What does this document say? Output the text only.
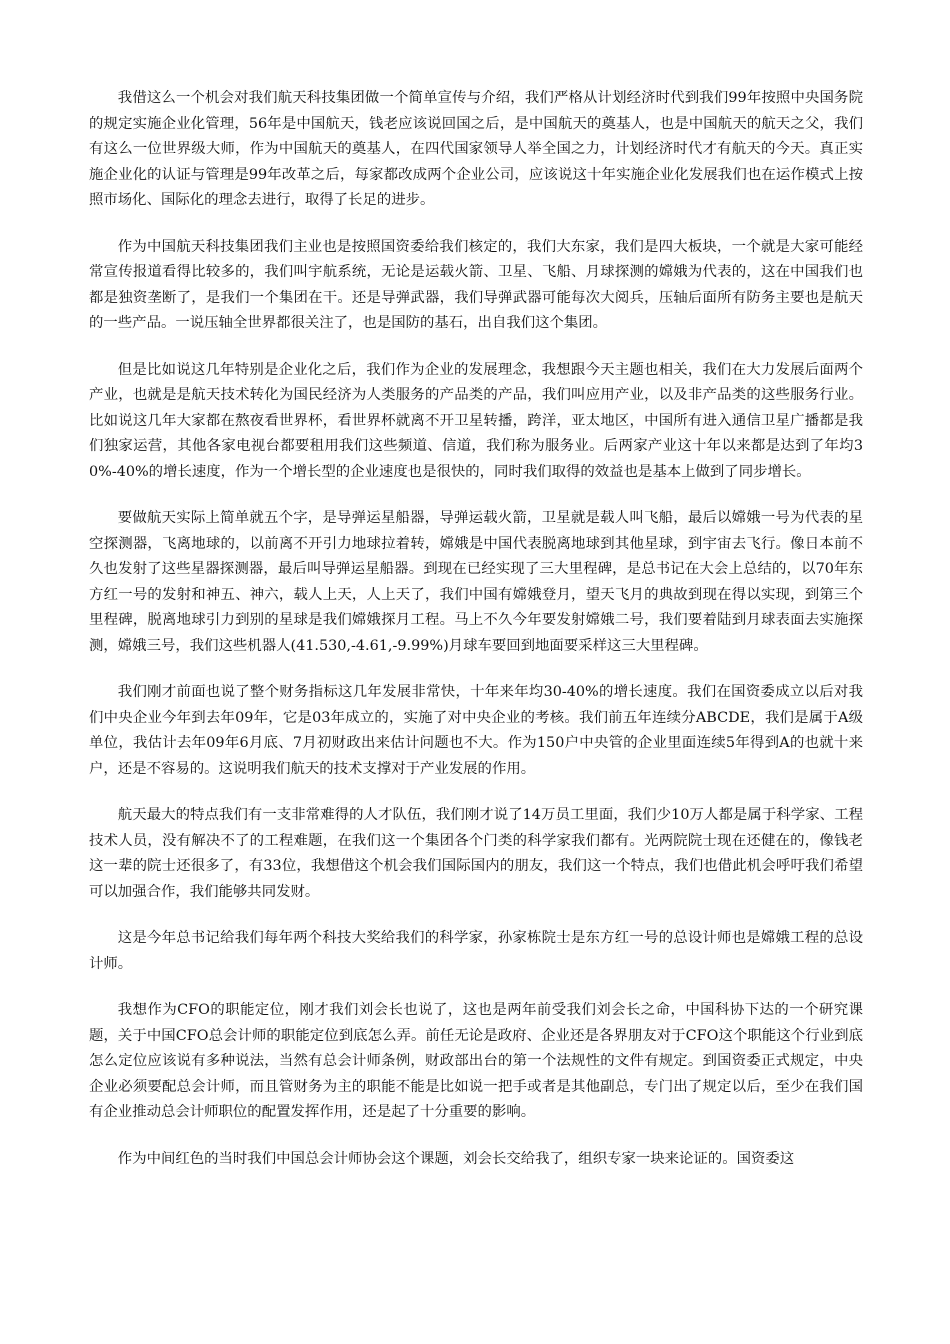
我借这么一个机会对我们航天科技集团做一个简单宣传与介绍，我们严格从计划经济时代到我们99年按照中央国务院的规定实施企业化管理，56年是中国航天，钱老应该说回国之后，是中国航天的奠基人，也是中国航天的航天之父，我们有这么一位世界级大师，作为中国航天的奠基人，在四代国家领导人举全国之力，计划经济时代才有航天的今天。真正实施企业化的认证与管理是99年改革之后，每家都改成两个企业公司，应该说这十年实施企业化发展我们也在运作模式上按照市场化、国际化的理念去进行，取得了长足的进步。

作为中国航天科技集团我们主业也是按照国资委给我们核定的，我们大东家，我们是四大板块，一个就是大家可能经常宣传报道看得比较多的，我们叫宇航系统，无论是运载火箭、卫星、飞船、月球探测的嫦娥为代表的，这在中国我们也都是独资垄断了，是我们一个集团在干。还是导弹武器，我们导弹武器可能每次大阅兵，压轴后面所有防务主要也是航天的一些产品。一说压轴全世界都很关注了，也是国防的基石，出自我们这个集团。

但是比如说这几年特别是企业化之后，我们作为企业的发展理念，我想跟今天主题也相关，我们在大力发展后面两个产业，也就是是航天技术转化为国民经济为人类服务的产品类的产品，我们叫应用产业，以及非产品类的这些服务行业。比如说这几年大家都在熬夜看世界杯，看世界杯就离不开卫星转播，跨洋，亚太地区，中国所有进入通信卫星广播都是我们独家运营，其他各家电视台都要租用我们这些频道、信道，我们称为服务业。后两家产业这十年以来都是达到了年均30%-40%的增长速度，作为一个增长型的企业速度也是很快的，同时我们取得的效益也是基本上做到了同步增长。

要做航天实际上简单就五个字，是导弹运星船器，导弹运载火箭，卫星就是载人叫飞船，最后以嫦娥一号为代表的星空探测器，飞离地球的，以前离不开引力地球拉着转，嫦娥是中国代表脱离地球到其他星球，到宇宙去飞行。像日本前不久也发射了这些星器探测器，最后叫导弹运星船器。到现在已经实现了三大里程碑，是总书记在大会上总结的，以70年东方红一号的发射和神五、神六，载人上天，人上天了，我们中国有嫦娥登月，望天飞月的典故到现在得以实现，到第三个里程碑，脱离地球引力到别的星球是我们嫦娥探月工程。马上不久今年要发射嫦娥二号，我们要着陆到月球表面去实施探测，嫦娥三号，我们这些机器人(41.530,-4.61,-9.99%)月球车要回到地面要采样这三大里程碑。

我们刚才前面也说了整个财务指标这几年发展非常快，十年来年均30-40%的增长速度。我们在国资委成立以后对我们中央企业今年到去年09年，它是03年成立的，实施了对中央企业的考核。我们前五年连续分ABCDE，我们是属于A级单位，我估计去年09年6月底、7月初财政出来估计问题也不大。作为150户中央管的企业里面连续5年得到A的也就十来户，还是不容易的。这说明我们航天的技术支撑对于产业发展的作用。

航天最大的特点我们有一支非常难得的人才队伍，我们刚才说了14万员工里面，我们少10万人都是属于科学家、工程技术人员，没有解决不了的工程难题，在我们这一个集团各个门类的科学家我们都有。光两院院士现在还健在的，像钱老这一辈的院士还很多了，有33位，我想借这个机会我们国际国内的朋友，我们这一个特点，我们也借此机会呼吁我们希望可以加强合作，我们能够共同发财。

这是今年总书记给我们每年两个科技大奖给我们的科学家，孙家栋院士是东方红一号的总设计师也是嫦娥工程的总设计师。

我想作为CFO的职能定位，刚才我们刘会长也说了，这也是两年前受我们刘会长之命，中国科协下达的一个研究课题，关于中国CFO总会计师的职能定位到底怎么弄。前任无论是政府、企业还是各界朋友对于CFO这个职能这个行业到底怎么定位应该说有多种说法，当然有总会计师条例，财政部出台的第一个法规性的文件有规定。到国资委正式规定，中央企业必须要配总会计师，而且管财务为主的职能不能是比如说一把手或者是其他副总，专门出了规定以后，至少在我们国有企业推动总会计师职位的配置发挥作用，还是起了十分重要的影响。

作为中间红色的当时我们中国总会计师协会这个课题，刘会长交给我了，组织专家一块来论证的。国资委这
